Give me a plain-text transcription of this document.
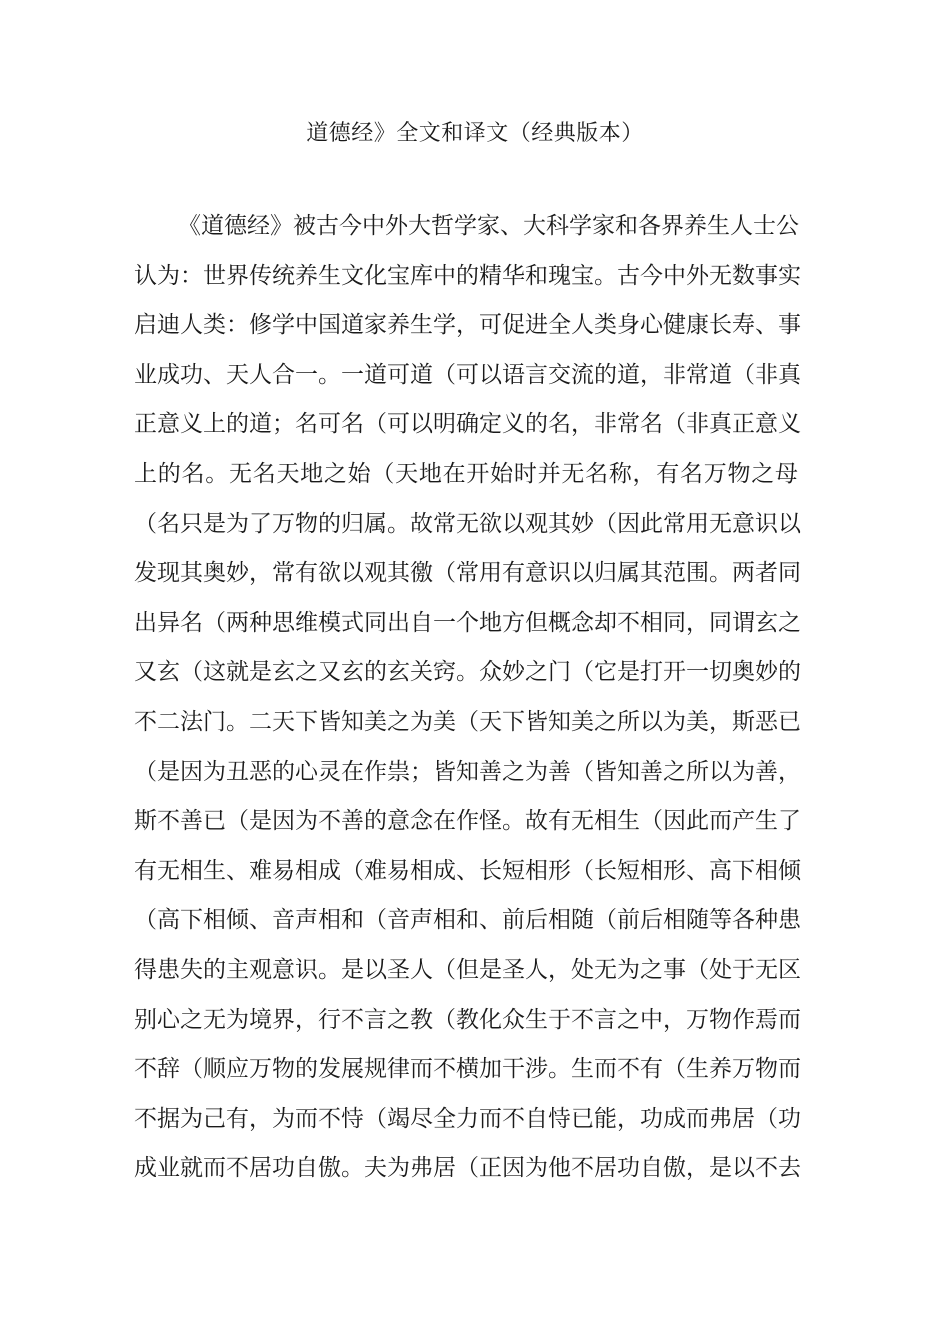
道德经》全文和译文（经典版本）
《道德经》被古今中外大哲学家、大科学家和各界养生人士公
认为：世界传统养生文化宝库中的精华和瑰宝。古今中外无数事实
启迪人类：修学中国道家养生学，可促进全人类身心健康长寿、事
业成功、天人合一。一道可道（可以语言交流的道，非常道（非真
正意义上的道；名可名（可以明确定义的名，非常名（非真正意义
上的名。无名天地之始（天地在开始时并无名称，有名万物之母
（名只是为了万物的归属。故常无欲以观其妙（因此常用无意识以
发现其奥妙，常有欲以观其徼（常用有意识以归属其范围。两者同
出异名（两种思维模式同出自一个地方但概念却不相同，同谓玄之
又玄（这就是玄之又玄的玄关窍。众妙之门（它是打开一切奥妙的
不二法门。二天下皆知美之为美（天下皆知美之所以为美，斯恶已
（是因为丑恶的心灵在作祟；皆知善之为善（皆知善之所以为善，
斯不善已（是因为不善的意念在作怪。故有无相生（因此而产生了
有无相生、难易相成（难易相成、长短相形（长短相形、高下相倾
（高下相倾、音声相和（音声相和、前后相随（前后相随等各种患
得患失的主观意识。是以圣人（但是圣人，处无为之事（处于无区
别心之无为境界，行不言之教（教化众生于不言之中，万物作焉而
不辞（顺应万物的发展规律而不横加干涉。生而不有（生养万物而
不据为己有，为而不恃（竭尽全力而不自恃已能，功成而弗居（功
成业就而不居功自傲。夫为弗居（正因为他不居功自傲，是以不去
